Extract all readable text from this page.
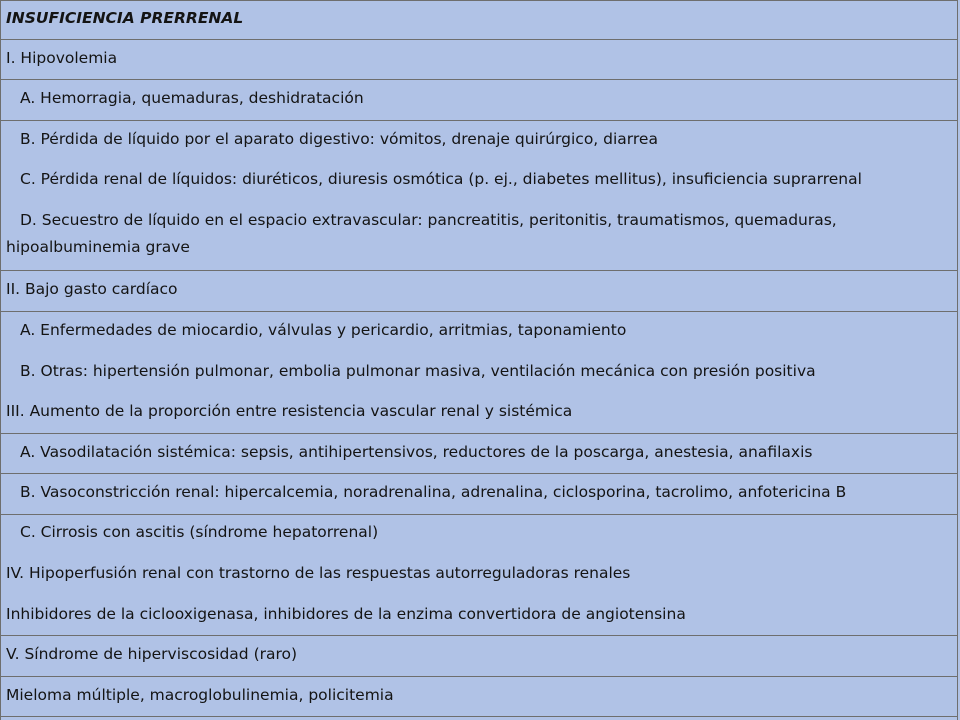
INSUFICIENCIA PRERRENAL
I. Hipovolemia
A. Hemorragia, quemaduras, deshidratación
B. Pérdida de líquido por el aparato digestivo: vómitos, drenaje quirúrgico, diarrea
C. Pérdida renal de líquidos: diuréticos, diuresis osmótica (p. ej., diabetes mellitus), insuficiencia suprarrenal
D. Secuestro de líquido en el espacio extravascular: pancreatitis, peritonitis, traumatismos, quemaduras,
hipoalbuminemia grave
II. Bajo gasto cardíaco
A. Enfermedades de miocardio, válvulas y pericardio, arritmias, taponamiento
B. Otras: hipertensión pulmonar, embolia pulmonar masiva, ventilación mecánica con presión positiva
III. Aumento de la proporción entre resistencia vascular renal y sistémica
A. Vasodilatación sistémica: sepsis, antihipertensivos, reductores de la poscarga, anestesia, anafilaxis
B. Vasoconstricción renal: hipercalcemia, noradrenalina, adrenalina, ciclosporina, tacrolimo, anfotericina B
C. Cirrosis con ascitis (síndrome hepatorrenal)
IV. Hipoperfusión renal con trastorno de las respuestas autorreguladoras renales
Inhibidores de la ciclooxigenasa, inhibidores de la enzima convertidora de angiotensina
V. Síndrome de hiperviscosidad (raro)
Mieloma múltiple, macroglobulinemia, policitemia
